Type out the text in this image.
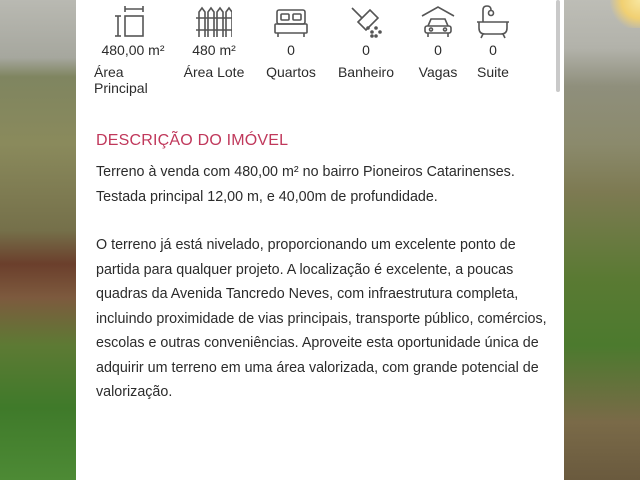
480,00 m²
Área Principal
480 m²
Área Lote
0
Quartos
0
Banheiro
0
Vagas
0
Suite
DESCRIÇÃO DO IMÓVEL

Terreno à venda com 480,00 m² no bairro Pioneiros Catarinenses.

Testada principal 12,00 m, e 40,00m de profundidade.

O terreno já está nivelado, proporcionando um excelente ponto de partida para qualquer projeto. A localização é excelente, a poucas quadras da Avenida Tancredo Neves, com infraestrutura completa, incluindo proximidade de vias principais, transporte público, comércios, escolas e outras conveniências. Aproveite esta oportunidade única de adquirir um terreno em uma área valorizada, com grande potencial de valorização.
